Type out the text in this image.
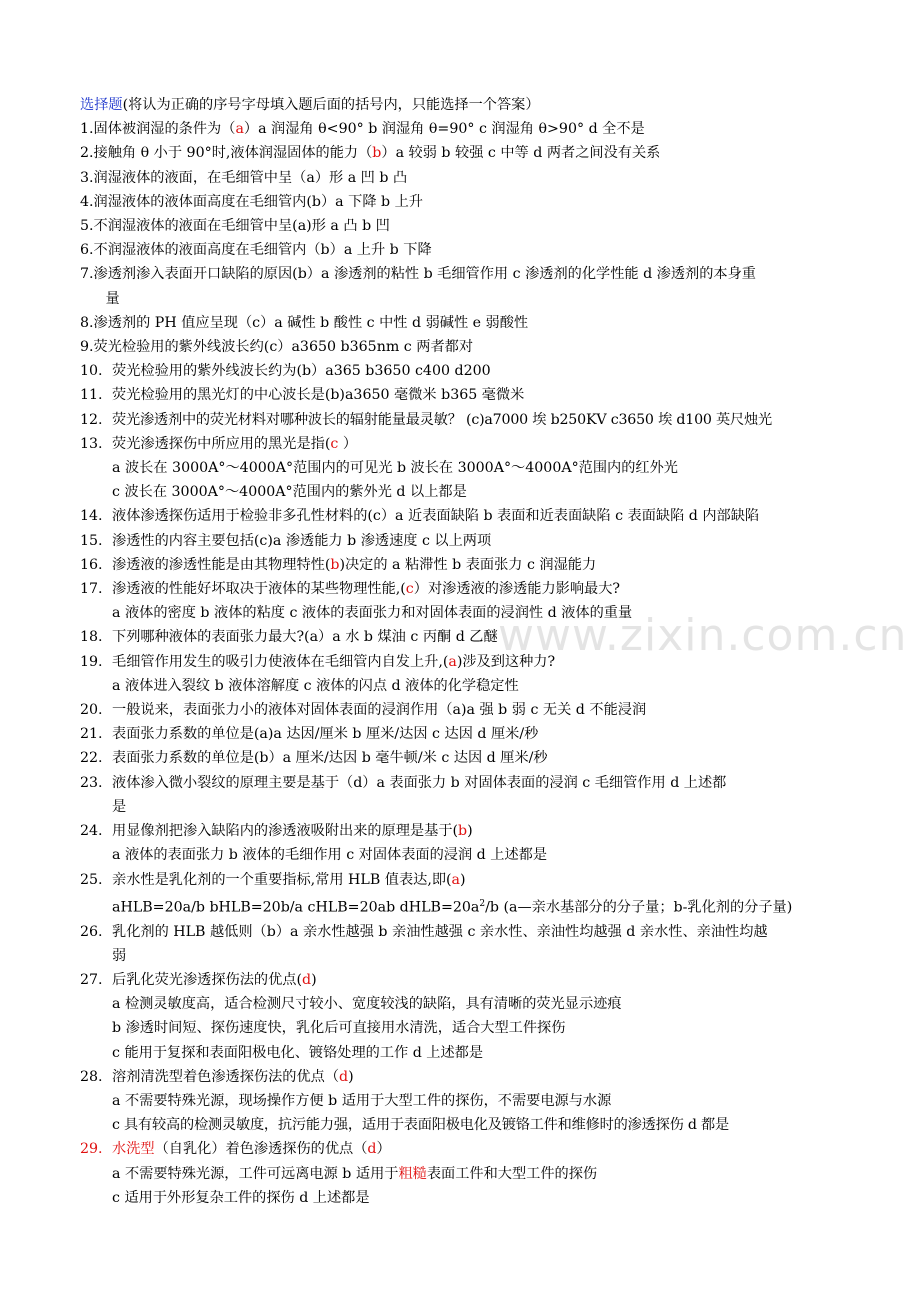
www.zixin.com.cn
选择题(将认为正确的序号字母填入题后面的括号内，只能选择一个答案）
1.固体被润湿的条件为（a）a 润湿角 θ<90° b 润湿角 θ=90° c 润湿角 θ>90° d 全不是
2.接触角 θ 小于 90°时,液体润湿固体的能力（b）a 较弱 b 较强 c 中等 d 两者之间没有关系
3.润湿液体的液面，在毛细管中呈（a）形 a 凹 b 凸
4.润湿液体的液体面高度在毛细管内(b）a 下降 b 上升
5.不润湿液体的液面在毛细管中呈(a)形 a 凸 b 凹
6.不润湿液体的液面高度在毛细管内（b）a 上升 b 下降
7. 渗透剂渗入表面开口缺陷的原因(b）a 渗透剂的粘性 b 毛细管作用 c 渗透剂的化学性能 d 渗透剂的本身重
量
8.渗透剂的 PH 值应呈现（c）a 碱性 b 酸性 c 中性 d 弱碱性 e 弱酸性
9.荧光检验用的紫外线波长约(c）a3650 b365nm c 两者都对
10. 荧光检验用的紫外线波长约为(b）a365 b3650 c400 d200
11. 荧光检验用的黑光灯的中心波长是(b)a3650 毫微米 b365 毫微米
12. 荧光渗透剂中的荧光材料对哪种波长的辐射能量最灵敏？ (c)a7000 埃 b250KV c3650 埃 d100 英尺烛光
13. 荧光渗透探伤中所应用的黑光是指(c ）
a 波长在 3000A°～4000A°范围内的可见光 b 波长在 3000A°～4000A°范围内的红外光
c 波长在 3000A°～4000A°范围内的紫外光 d 以上都是
14. 液体渗透探伤适用于检验非多孔性材料的(c）a 近表面缺陷 b 表面和近表面缺陷 c 表面缺陷 d 内部缺陷
15. 渗透性的内容主要包括(c)a 渗透能力 b 渗透速度 c 以上两项
16. 渗透液的渗透性能是由其物理特性(b)决定的 a 粘滞性 b 表面张力 c 润湿能力
17. 渗透液的性能好坏取决于液体的某些物理性能,(c）对渗透液的渗透能力影响最大?
a 液体的密度 b 液体的粘度 c 液体的表面张力和对固体表面的浸润性 d 液体的重量
18. 下列哪种液体的表面张力最大?(a）a 水 b 煤油 c 丙酮 d 乙醚
19. 毛细管作用发生的吸引力使液体在毛细管内自发上升,(a)涉及到这种力?
a 液体进入裂纹 b 液体溶解度 c 液体的闪点 d 液体的化学稳定性
20. 一般说来，表面张力小的液体对固体表面的浸润作用（a)a 强 b 弱 c 无关 d 不能浸润
21. 表面张力系数的单位是(a)a 达因/厘米 b 厘米/达因 c 达因 d 厘米/秒
22. 表面张力系数的单位是(b）a 厘米/达因 b 毫牛顿/米 c 达因 d 厘米/秒
23. 液体渗入微小裂纹的原理主要是基于（d）a 表面张力 b 对固体表面的浸润 c 毛细管作用 d 上述都
是
24. 用显像剂把渗入缺陷内的渗透液吸附出来的原理是基于(b)
a 液体的表面张力 b 液体的毛细作用 c 对固体表面的浸润 d 上述都是
25. 亲水性是乳化剂的一个重要指标,常用 HLB 值表达,即(a)
aHLB=20a/b bHLB=20b/a cHLB=20ab $dHLB=20a^2/b$ (a—亲水基部分的分子量；b-乳化剂的分子量)
26. 乳化剂的 HLB 越低则（b）a 亲水性越强 b 亲油性越强 c 亲水性、亲油性均越强 d 亲水性、亲油性均越
弱
27. 后乳化荧光渗透探伤法的优点(d)
a 检测灵敏度高，适合检测尺寸较小、宽度较浅的缺陷，具有清晰的荧光显示迹痕
b 渗透时间短、探伤速度快，乳化后可直接用水清洗，适合大型工件探伤
c 能用于复探和表面阳极电化、镀铬处理的工作 d 上述都是
28. 溶剂清洗型着色渗透探伤法的优点（d)
a 不需要特殊光源，现场操作方便 b 适用于大型工件的探伤，不需要电源与水源
c 具有较高的检测灵敏度，抗污能力强，适用于表面阳极电化及镀铬工件和维修时的渗透探伤 d 都是
29. 水洗型（自乳化）着色渗透探伤的优点（d）
a 不需要特殊光源，工件可远离电源 b 适用于粗糙表面工件和大型工件的探伤
c 适用于外形复杂工件的探伤 d 上述都是
